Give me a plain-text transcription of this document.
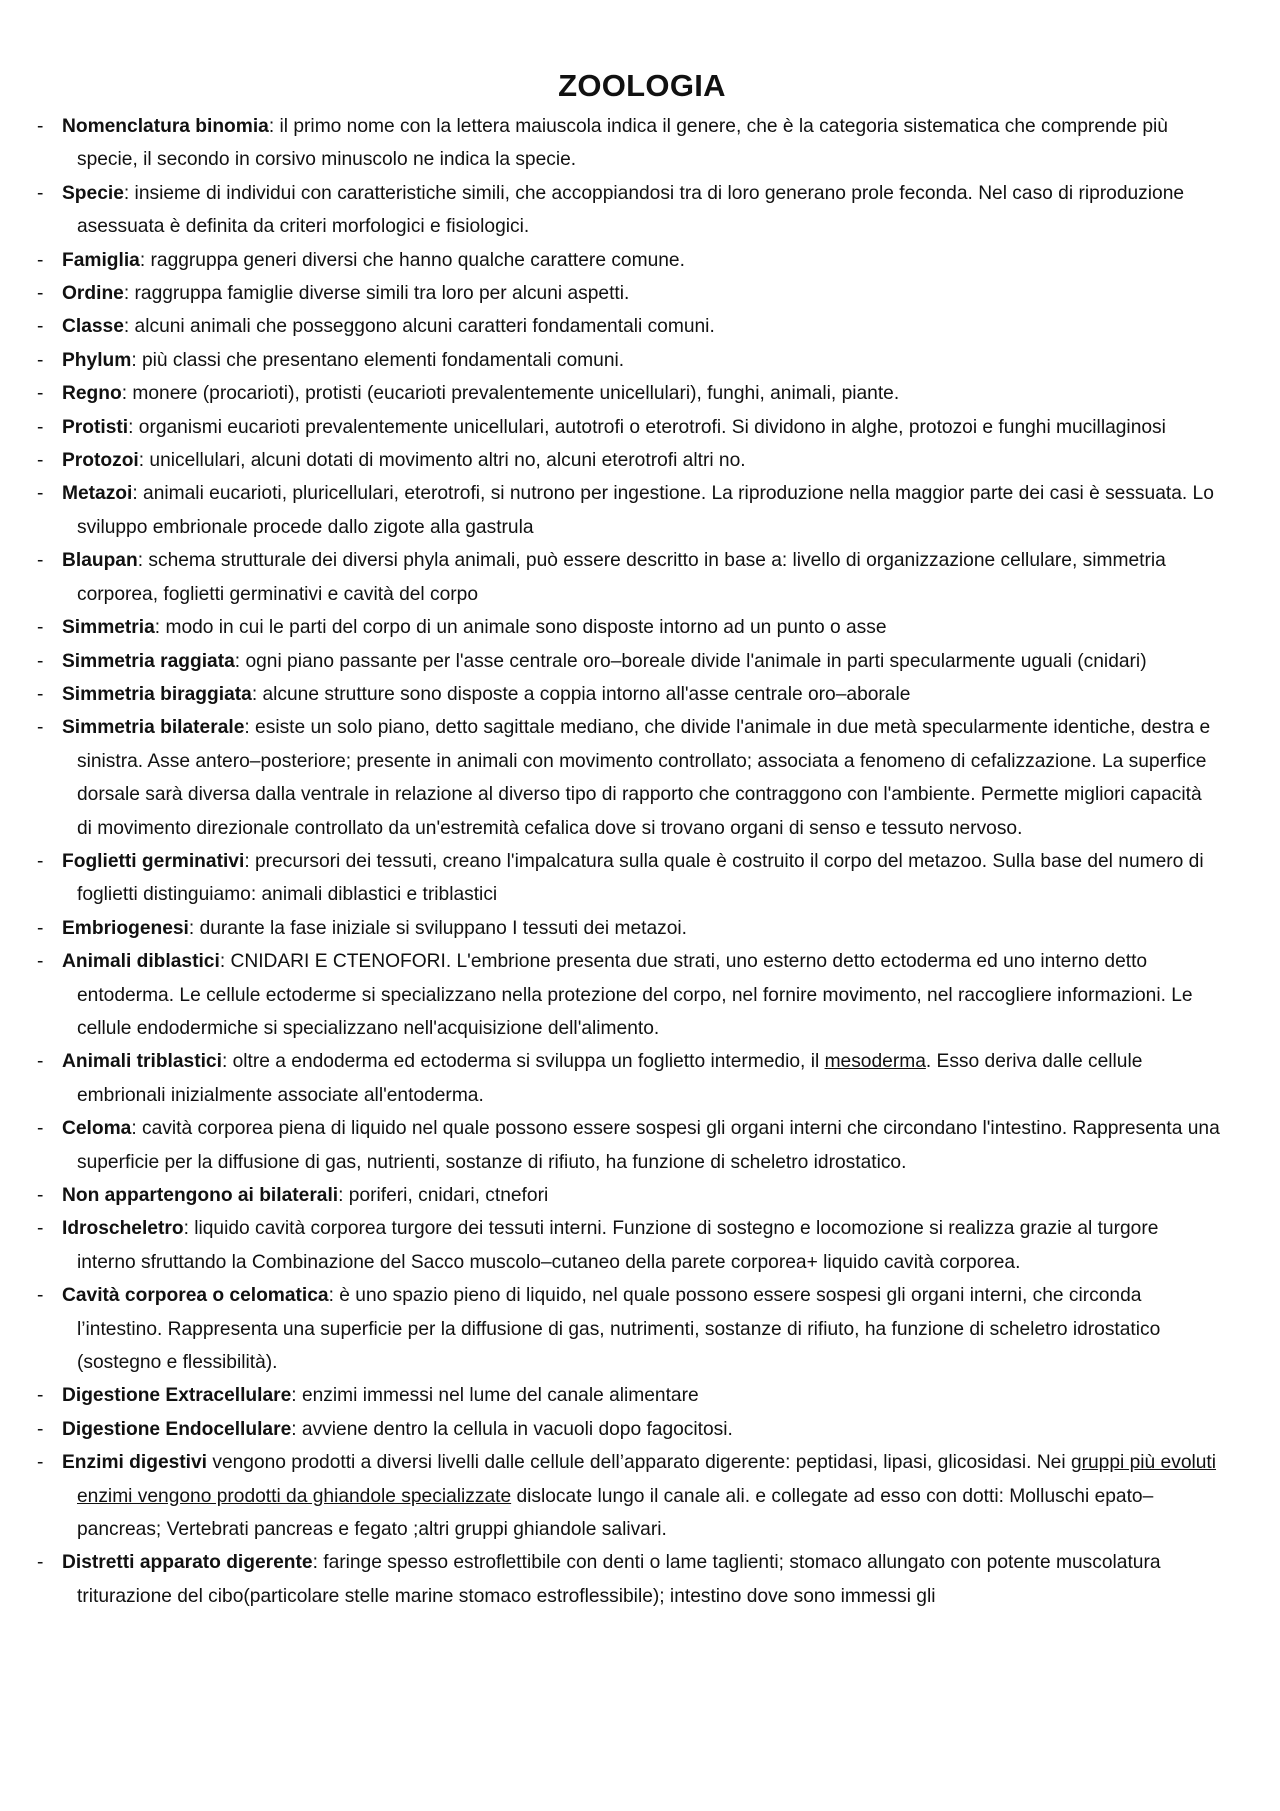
ZOOLOGIA
- Nomenclatura binomia: il primo nome con la lettera maiuscola indica il genere, che è la categoria sistematica che comprende più specie, il secondo in corsivo minuscolo ne indica la specie.
- Specie: insieme di individui con caratteristiche simili, che accoppiandosi tra di loro generano prole feconda. Nel caso di riproduzione asessuata è definita da criteri morfologici e fisiologici.
- Famiglia: raggruppa generi diversi che hanno qualche carattere comune.
- Ordine: raggruppa famiglie diverse simili tra loro per alcuni aspetti.
- Classe: alcuni animali che posseggono alcuni caratteri fondamentali comuni.
- Phylum: più classi che presentano elementi fondamentali comuni.
- Regno: monere (procarioti), protisti (eucarioti prevalentemente unicellulari), funghi, animali, piante.
- Protisti: organismi eucarioti prevalentemente unicellulari, autotrofi o eterotrofi. Si dividono in alghe, protozoi e funghi mucillaginosi
- Protozoi: unicellulari, alcuni dotati di movimento altri no, alcuni eterotrofi altri no.
- Metazoi: animali eucarioti, pluricellulari, eterotrofi, si nutrono per ingestione. La riproduzione nella maggior parte dei casi è sessuata. Lo sviluppo embrionale procede dallo zigote alla gastrula
- Blaupan: schema strutturale dei diversi phyla animali, può essere descritto in base a: livello di organizzazione cellulare, simmetria corporea, foglietti germinativi e cavità del corpo
- Simmetria: modo in cui le parti del corpo di un animale sono disposte intorno ad un punto o asse
- Simmetria raggiata: ogni piano passante per l'asse centrale oro–boreale divide l'animale in parti specularmente uguali (cnidari)
- Simmetria biraggiata: alcune strutture sono disposte a coppia intorno all'asse centrale oro–aborale
- Simmetria bilaterale: esiste un solo piano, detto sagittale mediano, che divide l'animale in due metà specularmente identiche, destra e sinistra. Asse antero–posteriore; presente in animali con movimento controllato; associata a fenomeno di cefalizzazione. La superfice dorsale sarà diversa dalla ventrale in relazione al diverso tipo di rapporto che contraggono con l'ambiente. Permette migliori capacità di movimento direzionale controllato da un'estremità cefalica dove si trovano organi di senso e tessuto nervoso.
- Foglietti germinativi: precursori dei tessuti, creano l'impalcatura sulla quale è costruito il corpo del metazoo. Sulla base del numero di foglietti distinguiamo: animali diblastici e triblastici
- Embriogenesi: durante la fase iniziale si sviluppano I tessuti dei metazoi.
- Animali diblastici: CNIDARI E CTENOFORI. L'embrione presenta due strati, uno esterno detto ectoderma ed uno interno detto entoderma. Le cellule ectoderme si specializzano nella protezione del corpo, nel fornire movimento, nel raccogliere informazioni. Le cellule endodermiche si specializzano nell'acquisizione dell'alimento.
- Animali triblastici: oltre a endoderma ed ectoderma si sviluppa un foglietto intermedio, il mesoderma. Esso deriva dalle cellule embrionali inizialmente associate all'entoderma.
- Celoma: cavità corporea piena di liquido nel quale possono essere sospesi gli organi interni che circondano l'intestino. Rappresenta una superficie per la diffusione di gas, nutrienti, sostanze di rifiuto, ha funzione di scheletro idrostatico.
- Non appartengono ai bilaterali: poriferi, cnidari, ctnefori
- Idroscheletro: liquido cavità corporea turgore dei tessuti interni. Funzione di sostegno e locomozione si realizza grazie al turgore interno sfruttando la Combinazione del Sacco muscolo–cutaneo della parete corporea+ liquido cavità corporea.
- Cavità corporea o celomatica: è uno spazio pieno di liquido, nel quale possono essere sospesi gli organi interni, che circonda l’intestino. Rappresenta una superficie per la diffusione di gas, nutrimenti, sostanze di rifiuto, ha funzione di scheletro idrostatico (sostegno e flessibilità).
- Digestione Extracellulare: enzimi immessi nel lume del canale alimentare
- Digestione Endocellulare: avviene dentro la cellula in vacuoli dopo fagocitosi.
- Enzimi digestivi vengono prodotti a diversi livelli dalle cellule dell’apparato digerente: peptidasi, lipasi, glicosidasi. Nei gruppi più evoluti enzimi vengono prodotti da ghiandole specializzate dislocate lungo il canale ali. e collegate ad esso con dotti: Molluschi epato–pancreas; Vertebrati pancreas e fegato ;altri gruppi ghiandole salivari.
- Distretti apparato digerente: faringe spesso estroflettibile con denti o lame taglienti; stomaco allungato con potente muscolatura triturazione del cibo(particolare stelle marine stomaco estroflessibile); intestino dove sono immessi gli
